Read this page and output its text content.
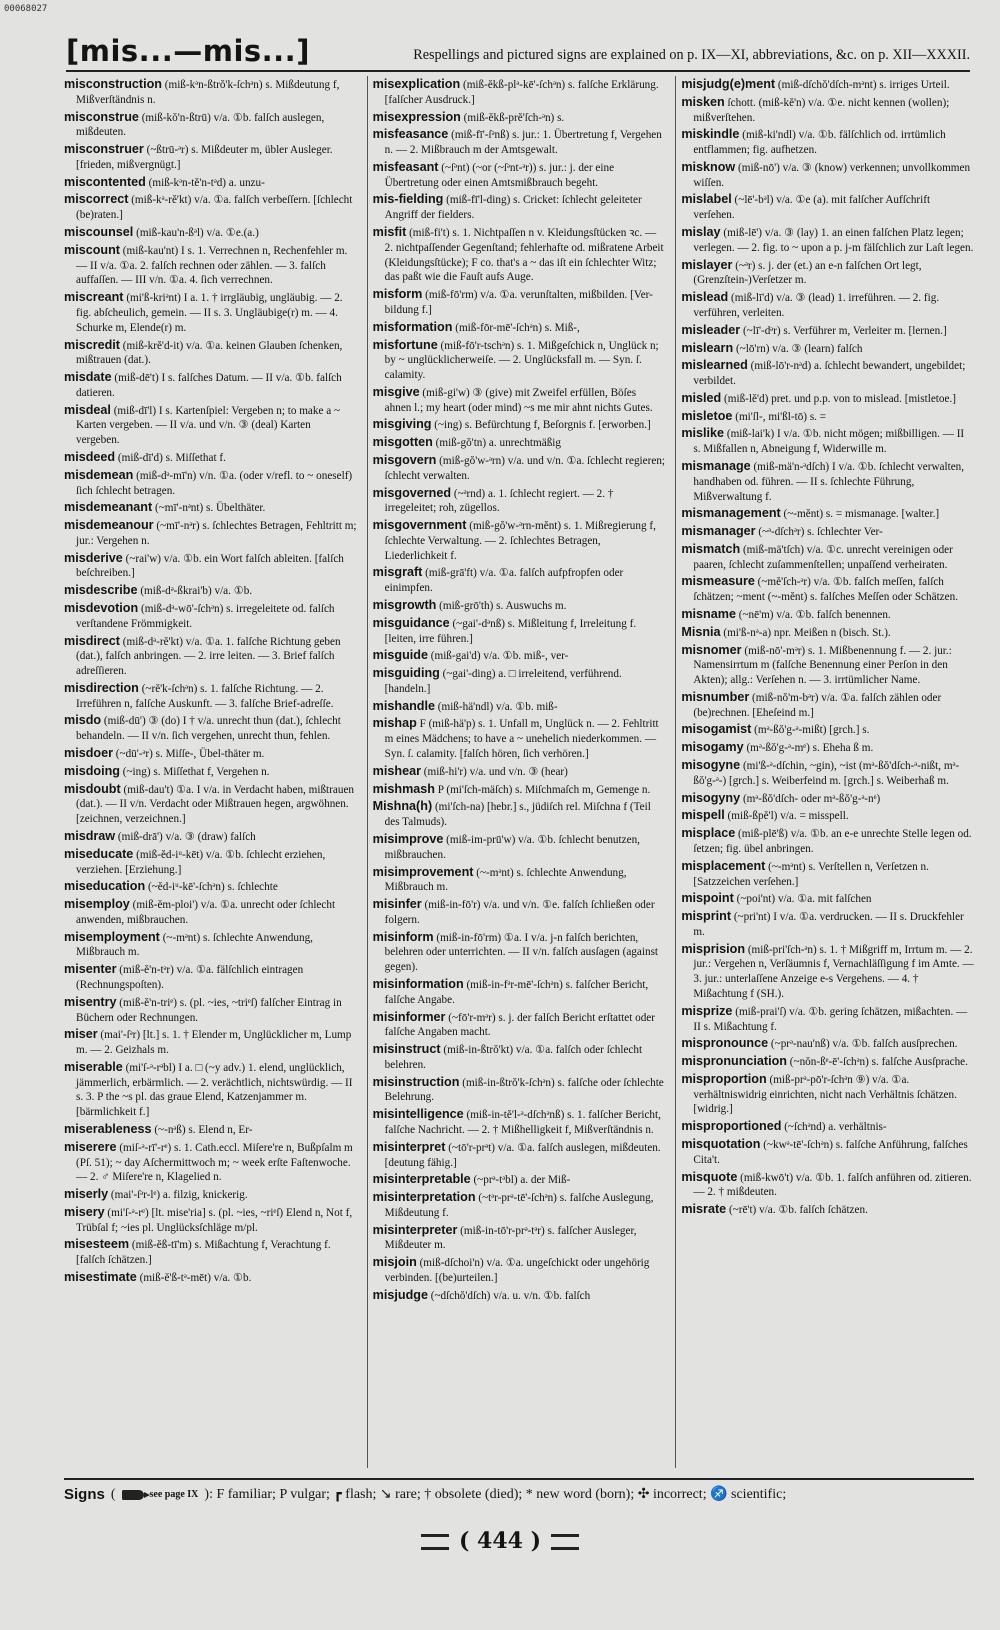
00068027
[mis...—mis...]	Respellings and pictured signs are explained on p. IX—XI, abbreviations, &c. on p. XII—XXXII.
misconstruction (miß-kᵊn-ßtrŏ'k-ſchᵊn) s. Mißdeutung f, Mißverſtändnis n.
misconstrue (miß-kŏ'n-ßtrū) v/a. ①b. falſch auslegen, mißdeuten.
misconstruer (~ßtrū-ᵊr) s. Mißdeuter m, übler Ausleger. [frieden, mißvergnügt.]
miscontented (miß-kᵊn-tĕ'n-tᵊd) a. unzu-
miscorrect (miß-kᵊ-rĕ'kt) v/a. ①a. falſch verbeſſern. [ſchlecht (be)raten.]
miscounsel (miß-kau'n-ßᵊl) v/a. ①e.(a.)
miscount (miß-kau'nt) I s. 1. Verrechnen n, Rechenfehler m. — II v/a. ①a. 2. falſch rechnen oder zählen. — 3. falſch auffaſſen. — III v/n. ①a. 4. ſich verrechnen.
miscreant (mi'ß-kriᵊnt) I a. 1. † irrgläubig, ungläubig. — 2. fig. abſcheulich, gemein. — II s. 3. Ungläubige(r) m. — 4. Schurke m, Elende(r) m.
miscredit (miß-krĕ'd-it) v/a. ①a. keinen Glauben ſchenken, mißtrauen (dat.).
misdate (miß-dē't) I s. falſches Datum. — II v/a. ①b. falſch datieren.
misdeal (miß-dī'l) I s. Kartenſpiel: Vergeben n; to make a ~ Karten vergeben. — II v/a. und v/n. ③ (deal) Karten vergeben.
misdeed (miß-dī'd) s. Miſſethat f.
misdemean (miß-dᵊ-mī'n) v/n. ①a. (oder v/refl. to ~ oneself) ſich ſchlecht betragen.
misdemeanant (~mī'-nᵊnt) s. Übelthäter.
misdemeanour (~mī'-nᵊr) s. ſchlechtes Betragen, Fehltritt m; jur.: Vergehen n.
misderive (~rai'w) v/a. ①b. ein Wort falſch ableiten. [falſch beſchreiben.]
misdescribe (miß-dᵊ-ßkrai'b) v/a. ①b.
misdevotion (miß-dᵊ-wō'-ſchᵊn) s. irregeleitete od. falſch verſtandene Frömmigkeit.
misdirect (miß-dᵊ-rĕ'kt) v/a. ①a. 1. falſche Richtung geben (dat.), falſch anbringen. — 2. irre leiten. — 3. Brief falſch adreſſieren.
misdirection (~rĕ'k-ſchᵊn) s. 1. falſche Richtung. — 2. Irreführen n, falſche Auskunft. — 3. falſche Brief-adreſſe.
misdo (miß-dū') ③ (do) I † v/a. unrecht thun (dat.), ſchlecht behandeln. — II v/n. ſich vergehen, unrecht thun, fehlen.
misdoer (~dū'-ᵊr) s. Miſſe-, Übel-thäter m.
misdoing (~ing) s. Miſſethat f, Vergehen n.
misdoubt (miß-dau't) ①a. I v/a. in Verdacht haben, mißtrauen (dat.). — II v/n. Verdacht oder Mißtrauen hegen, argwöhnen. [zeichnen, verzeichnen.]
misdraw (miß-drā') v/a. ③ (draw) falſch
miseducate (miß-ĕd-iᵘ-kēt) v/a. ①b. ſchlecht erziehen, verziehen. [Erziehung.]
miseducation (~ĕd-iᵘ-kē'-ſchᵊn) s. ſchlechte
misemploy (miß-ĕm-ploi') v/a. ①a. unrecht oder ſchlecht anwenden, mißbrauchen.
misemployment (~-mᵊnt) s. ſchlechte Anwendung, Mißbrauch m.
misenter (miß-ĕ'n-tᵊr) v/a. ①a. fälſchlich eintragen (Rechnungspoſten).
misentry (miß-ĕ'n-triᵉ) s. (pl. ~ies, ~triᵉſ) falſcher Eintrag in Büchern oder Rechnungen.
miser (mai'-ſᵊr) [lt.] s. 1. † Elender m, Unglücklicher m, Lump m. — 2. Geizhals m.
miserable (mi'ſ-ᵊ-rᵊbl) I a. □ (~y adv.) 1. elend, unglücklich, jämmerlich, erbärmlich. — 2. verächtlich, nichtswürdig. — II s. 3. P the ~s pl. das graue Elend, Katzenjammer m. [bärmlichkeit f.]
miserableness (~-nᵊß) s. Elend n, Er-
miserere (miſ-ᵊ-rī'-rᵉ) s. 1. Cath.eccl. Miſere're n, Bußpſalm m (Pſ. 51); ~ day Aſchermittwoch m; ~ week erſte Faſtenwoche. — 2. ♂ Miſere're n, Klagelied n.
miserly (mai'-ſᵊr-lᵉ) a. filzig, knickerig.
misery (mi'ſ-ᵊ-rᵉ) [lt. mise'ria] s. (pl. ~ies, ~riᵉſ) Elend n, Not f, Trübſal f; ~ies pl. Unglücksſchläge m/pl.
misesteem (miß-ĕß-tī'm) s. Mißachtung f, Verachtung f. [falſch ſchätzen.]
misestimate (miß-ĕ'ß-tᵊ-mēt) v/a. ①b.
misexplication (miß-ĕkß-plᵊ-kē'-ſchᵊn) s. falſche Erklärung. [falſcher Ausdruck.]
misexpression (miß-ĕkß-prĕ'ſch-ᵊn) s.
misfeasance (miß-fī'-ſᵊnß) s. jur.: 1. Übertretung f, Vergehen n. — 2. Mißbrauch m der Amtsgewalt.
misfeasant (~ſᵊnt) (~or (~ſᵊnt-ᵊr)) s. jur.: j. der eine Übertretung oder einen Amtsmißbrauch begeht.
mis-fielding (miß-fī'l-ding) s. Cricket: ſchlecht geleiteter Angriff der fielders.
misfit (miß-fi't) s. 1. Nichtpaſſen n v. Kleidungsſtücken ꝛc. — 2. nichtpaſſender Gegenſtand; fehlerhafte od. mißratene Arbeit (Kleidungsſtücke); F co. that's a ~ das iſt ein ſchlechter Witz; das paßt wie die Fauſt aufs Auge.
misform (miß-fō'rm) v/a. ①a. verunſtalten, mißbilden. [Ver-bildung f.]
misformation (miß-fōr-mē'-ſchᵊn) s. Miß-,
misfortune (miß-fō'r-tschᵊn) s. 1. Mißgeſchick n, Unglück n; by ~ unglücklicherweiſe. — 2. Unglücksfall m. — Syn. ſ. calamity.
misgive (miß-gi'w) ③ (give) mit Zweifel erfüllen, Böſes ahnen l.; my heart (oder mind) ~s me mir ahnt nichts Gutes.
misgiving (~ing) s. Befürchtung f, Beſorgnis f. [erworben.]
misgotten (miß-gŏ'tn) a. unrechtmäßig
misgovern (miß-gŏ'w-ᵊrn) v/a. und v/n. ①a. ſchlecht regieren; ſchlecht verwalten.
misgoverned (~ᵊrnd) a. 1. ſchlecht regiert. — 2. † irregeleitet; roh, zügellos.
misgovernment (miß-gŏ'w-ᵊrn-mĕnt) s. 1. Mißregierung f, ſchlechte Verwaltung. — 2. ſchlechtes Betragen, Liederlichkeit f.
misgraft (miß-grā'ft) v/a. ①a. falſch aufpfropfen oder einimpfen.
misgrowth (miß-grō'th) s. Auswuchs m.
misguidance (~gai'-dᵊnß) s. Mißleitung f, Irreleitung f. [leiten, irre führen.]
misguide (miß-gai'd) v/a. ①b. miß-, ver-
misguiding (~gai'-ding) a. □ irreleitend, verführend. [handeln.]
mishandle (miß-hä'ndl) v/a. ①b. miß-
mishap F (miß-hä'p) s. 1. Unfall m, Unglück n. — 2. Fehltritt m eines Mädchens; to have a ~ unehelich niederkommen. — Syn. ſ. calamity. [falſch hören, ſich verhören.]
mishear (miß-hi'r) v/a. und v/n. ③ (hear)
mishmash P (mi'ſch-mäſch) s. Miſchmaſch m, Gemenge n.
Mishna(h) (mi'ſch-na) [hebr.] s., jüdiſch rel. Miſchna f (Teil des Talmuds).
misimprove (miß-im-prū'w) v/a. ①b. ſchlecht benutzen, mißbrauchen.
misimprovement (~-mᵊnt) s. ſchlechte Anwendung, Mißbrauch m.
misinfer (miß-in-fō'r) v/a. und v/n. ①e. falſch ſchließen oder folgern.
misinform (miß-in-fō'rm) ①a. I v/a. j-n falſch berichten, belehren oder unterrichten. — II v/n. falſch ausſagen (against gegen).
misinformation (miß-in-fᵊr-mē'-ſchᵊn) s. falſcher Bericht, falſche Angabe.
misinformer (~fō'r-mᵊr) s. j. der falſch Bericht erſtattet oder falſche Angaben macht.
misinstruct (miß-in-ßtrŏ'kt) v/a. ①a. falſch oder ſchlecht belehren.
misinstruction (miß-in-ßtrŏ'k-ſchᵊn) s. falſche oder ſchlechte Belehrung.
misintelligence (miß-in-tĕ'l-ᵊ-dſchᵊnß) s. 1. falſcher Bericht, falſche Nachricht. — 2. † Mißhelligkeit f, Mißverſtändnis n.
misinterpret (~tō'r-prᵊt) v/a. ①a. falſch auslegen, mißdeuten. [deutung fähig.]
misinterpretable (~prᵊ-tᵊbl) a. der Miß-
misinterpretation (~tᵊr-prᵊ-tē'-ſchᵊn) s. falſche Auslegung, Mißdeutung f.
misinterpreter (miß-in-tō'r-prᵊ-tᵊr) s. falſcher Ausleger, Mißdeuter m.
misjoin (miß-dſchoi'n) v/a. ①a. ungeſchickt oder ungehörig verbinden. [(be)urteilen.]
misjudge (~dſchŏ'dſch) v/a. u. v/n. ①b. falſch
misjudg(e)ment (miß-dſchŏ'dſch-mᵊnt) s. irriges Urteil.
misken ſchott. (miß-kĕ'n) v/a. ①e. nicht kennen (wollen); mißverſtehen.
miskindle (miß-ki'ndl) v/a. ①b. fälſchlich od. irrtümlich entflammen; fig. aufhetzen.
misknow (miß-nō') v/a. ③ (know) verkennen; unvollkommen wiſſen.
mislabel (~lē'-bᵊl) v/a. ①e (a). mit falſcher Aufſchrift verſehen.
mislay (miß-lē') v/a. ③ (lay) 1. an einen falſchen Platz legen; verlegen. — 2. fig. to ~ upon a p. j-m fälſchlich zur Laſt legen.
mislayer (~ᵊr) s. j. der (et.) an e-n falſchen Ort legt, (Grenzſtein-)Verſetzer m.
mislead (miß-lī'd) v/a. ③ (lead) 1. irreführen. — 2. fig. verführen, verleiten.
misleader (~lī'-dᵊr) s. Verführer m, Verleiter m. [lernen.]
mislearn (~lō'rn) v/a. ③ (learn) falſch
mislearned (miß-lō'r-nᵊd) a. ſchlecht bewandert, ungebildet; verbildet.
misled (miß-lĕ'd) pret. und p.p. von to mislead. [mistletoe.]
misletoe (mi'ſl-, mi'ßl-tō) s. =
mislike (miß-lai'k) I v/a. ①b. nicht mögen; mißbilligen. — II s. Mißfallen n, Abneigung f, Widerwille m.
mismanage (miß-mä'n-ᵊdſch) I v/a. ①b. ſchlecht verwalten, handhaben od. führen. — II s. ſchlechte Führung, Mißverwaltung f.
mismanagement (~-mĕnt) s. = mismanage. [walter.]
mismanager (~ᵊ-dſchᵊr) s. ſchlechter Ver-
mismatch (miß-mä'tſch) v/a. ①c. unrecht vereinigen oder paaren, ſchlecht zuſammenſtellen; unpaſſend verheiraten.
mismeasure (~mĕ'ſch-ᵊr) v/a. ①b. falſch meſſen, falſch ſchätzen; ~ment (~-mĕnt) s. falſches Meſſen oder Schätzen.
misname (~nē'm) v/a. ①b. falſch benennen.
Misnia (mi'ß-nᵊ-a) npr. Meißen n (bisch. St.).
misnomer (miß-nō'-mᵊr) s. 1. Mißbenennung f. — 2. jur.: Namensirrtum m (falſche Benennung einer Perſon in den Akten); allg.: Verſehen n. — 3. irrtümlicher Name.
misnumber (miß-nŏ'm-bᵊr) v/a. ①a. falſch zählen oder (be)rechnen. [Eheſeind m.]
misogamist (mᵊ-ßŏ'g-ᵊ-mißt) [grch.] s.
misogamy (mᵊ-ßŏ'g-ᵊ-mᵉ) s. Eheha ß m.
misogyne (mi'ß-ᵊ-dſchin, ~gin), ~ist (mᵊ-ßŏ'dſch-ᵊ-nißt, mᵊ-ßŏ'g-ᵊ-) [grch.] s. Weiberfeind m. [grch.] s. Weiberhaß m.
misogyny (mᵊ-ßŏ'dſch- oder mᵊ-ßŏ'g-ᵊ-nᵉ)
mispell (miß-ßpĕ'l) v/a. = misspell.
misplace (miß-plē'ß) v/a. ①b. an e-e unrechte Stelle legen od. ſetzen; fig. übel anbringen.
misplacement (~-mᵊnt) s. Verſtellen n, Verſetzen n. [Satzzeichen verſehen.]
mispoint (~poi'nt) v/a. ①a. mit falſchen
misprint (~pri'nt) I v/a. ①a. verdrucken. — II s. Druckfehler m.
misprision (miß-pri'ſch-ᵊn) s. 1. † Mißgriff m, Irrtum m. — 2. jur.: Vergehen n, Verſäumnis f, Vernachläſſigung f im Amte. — 3. jur.: unterlaſſene Anzeige e-s Vergehens. — 4. † Mißachtung f (SH.).
misprize (miß-prai'ſ) v/a. ①b. gering ſchätzen, mißachten. — II s. Mißachtung f.
mispronounce (~prᵊ-nau'nß) v/a. ①b. falſch ausſprechen.
mispronunciation (~nŏn-ßᵉ-ē'-ſchᵊn) s. falſche Ausſprache.
misproportion (miß-prᵊ-pō'r-ſchᵊn ⑨) v/a. ①a. verhältniswidrig einrichten, nicht nach Verhältnis ſchätzen. [widrig.]
misproportioned (~ſchᵊnd) a. verhältnis-
misquotation (~kwᵊ-tē'-ſchᵊn) s. falſche Anführung, falſches Cita't.
misquote (miß-kwō't) v/a. ①b. 1. falſch anführen od. zitieren. — 2. † mißdeuten.
misrate (~rē't) v/a. ①b. falſch ſchätzen.
Signs (	see page IX ): F familiar; P vulgar; ┏ flash; ↘ rare; † obsolete (died); * new word (born); ✣ incorrect; ♐ scientific;
( 444 )
